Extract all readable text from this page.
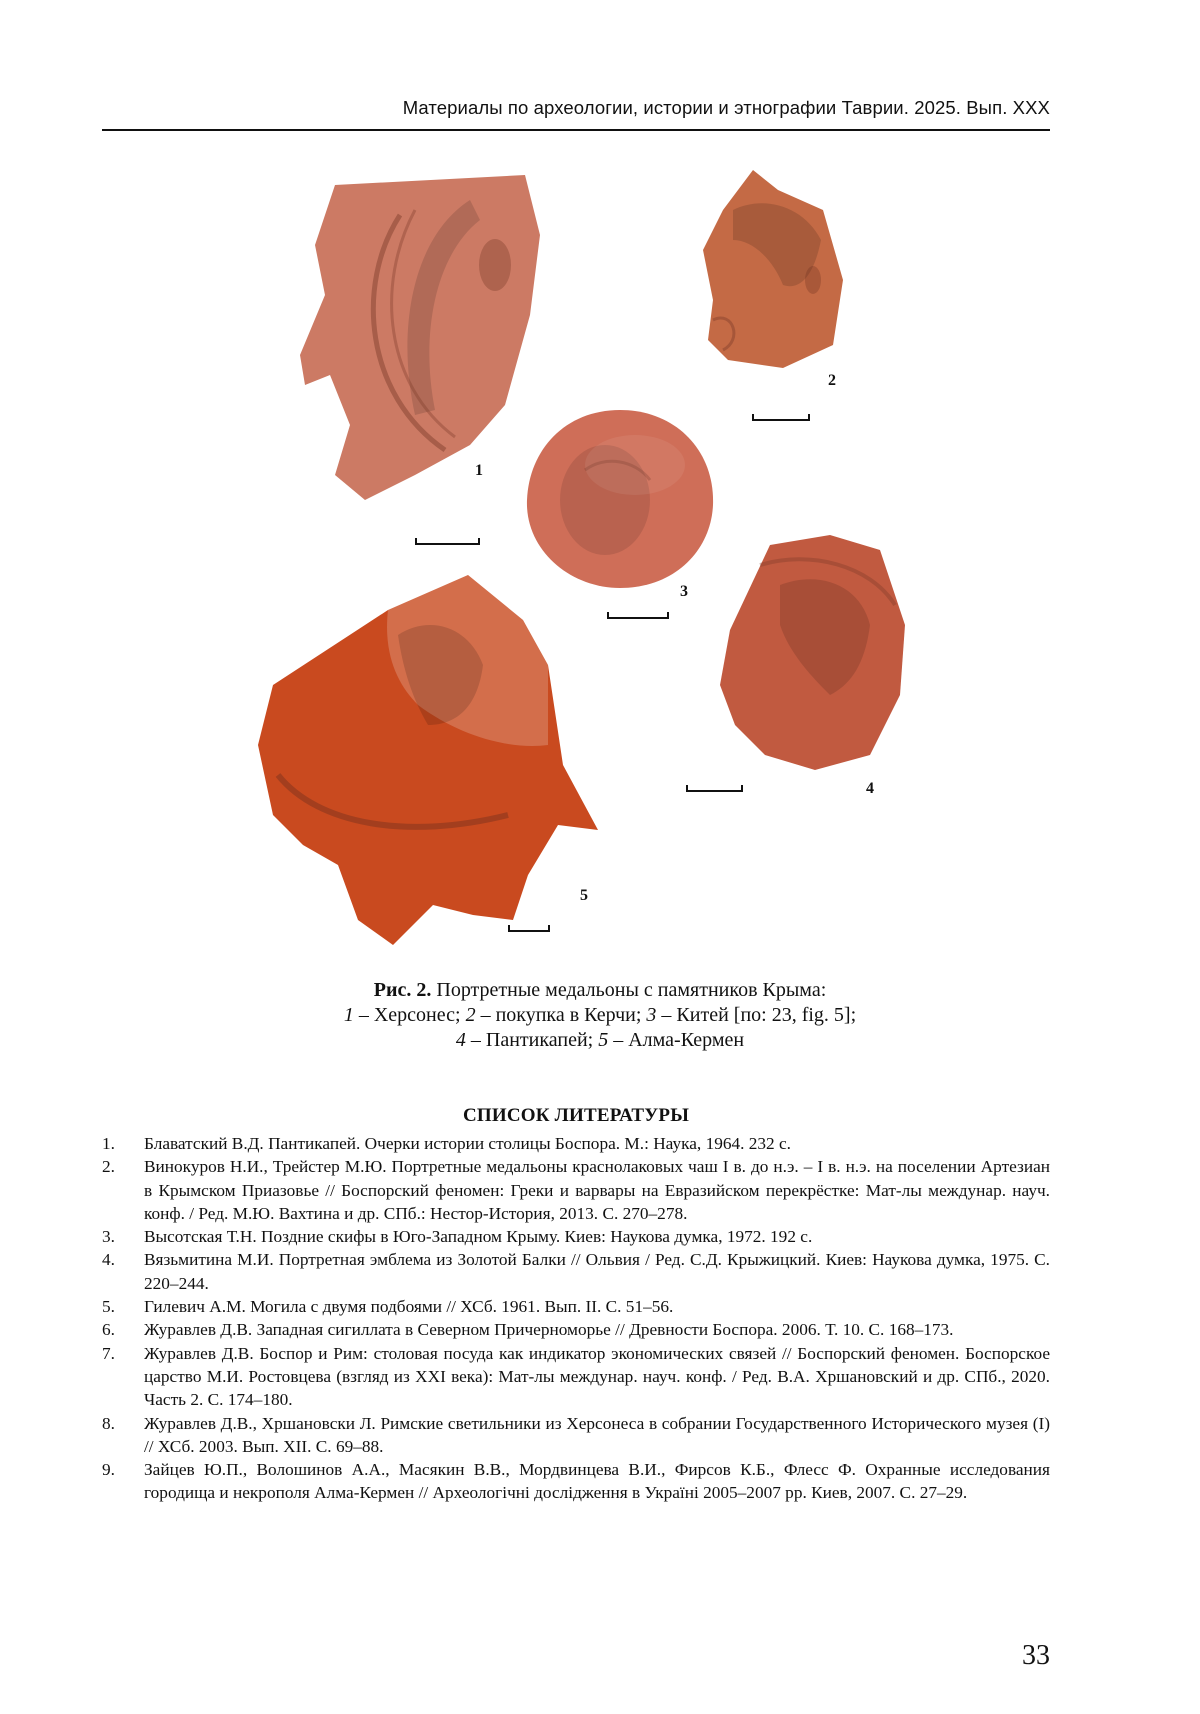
Материалы по археологии, истории и этнографии Таврии. 2025. Вып. XXX
1
2
3
4
5
Рис. 2. Портретные медальоны с памятников Крыма:
1 – Херсонес; 2 – покупка в Керчи; 3 – Китей [по: 23, fig. 5];
4 – Пантикапей; 5 – Алма-Кермен
СПИСОК ЛИТЕРАТУРЫ
1.	Блаватский В.Д. Пантикапей. Очерки истории столицы Боспора. М.: Наука, 1964. 232 с.
2.	Винокуров Н.И., Трейстер М.Ю. Портретные медальоны краснолаковых чаш I в. до н.э. – I в. н.э. на поселении Артезиан в Крымском Приазовье // Боспорский феномен: Греки и варвары на Евразийском перекрёстке: Мат-лы междунар. науч. конф. / Ред. М.Ю. Вахтина и др. СПб.: Нестор-История, 2013. С. 270–278.
3.	Высотская Т.Н. Поздние скифы в Юго-Западном Крыму. Киев: Наукова думка, 1972. 192 с.
4.	Вязьмитина М.И. Портретная эмблема из Золотой Балки // Ольвия / Ред. С.Д. Крыжицкий. Киев: Наукова думка, 1975. С. 220–244.
5.	Гилевич А.М. Могила с двумя подбоями // ХСб. 1961. Вып. II. С. 51–56.
6.	Журавлев Д.В. Западная сигиллата в Северном Причерноморье // Древности Боспора. 2006. Т. 10. С. 168–173.
7.	Журавлев Д.В. Боспор и Рим: столовая посуда как индикатор экономических связей // Боспорский феномен. Боспорское царство М.И. Ростовцева (взгляд из XXI века): Мат-лы междунар. науч. конф. / Ред. В.А. Хршановский и др. СПб., 2020. Часть 2. С. 174–180.
8.	Журавлев Д.В., Хршановски Л. Римские светильники из Херсонеса в собрании Государственного Исторического музея (I) // ХСб. 2003. Вып. XII. С. 69–88.
9.	Зайцев Ю.П., Волошинов А.А., Масякин В.В., Мордвинцева В.И., Фирсов К.Б., Флесс Ф. Охранные исследования городища и некрополя Алма-Кермен // Археологічні дослідження в Україні 2005–2007 рр. Киев, 2007. С. 27–29.
33
